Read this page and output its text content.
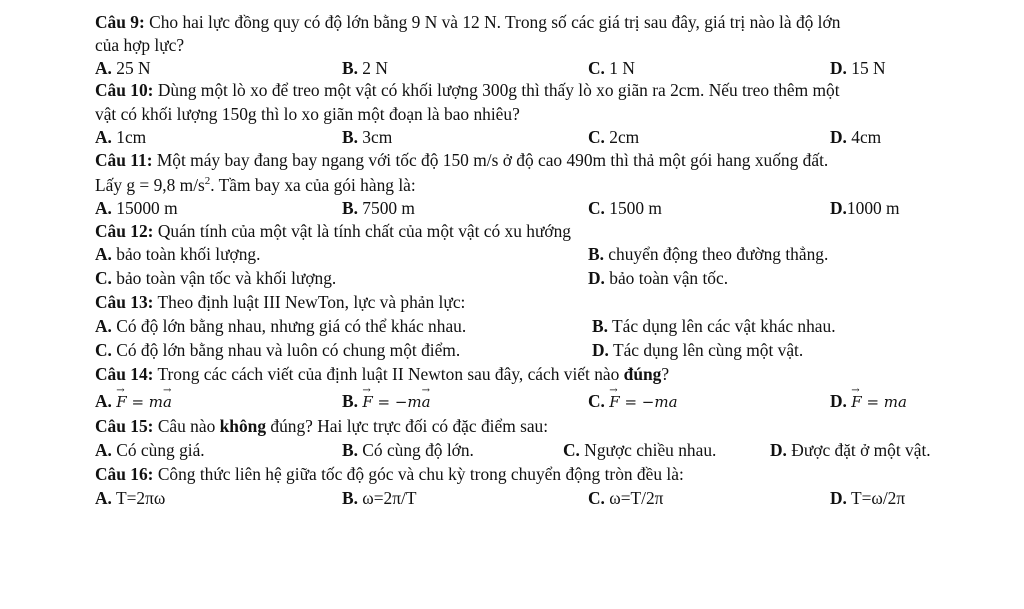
Câu 9: Cho hai lực đồng quy có độ lớn bằng 9 N và 12 N. Trong số các giá trị sau đây, giá trị nào là độ lớn
của hợp lực?
A. 25 N	B. 2 N	C. 1 N	D. 15 N
Câu 10: Dùng một lò xo để treo một vật có khối lượng 300g thì thấy lò xo giãn ra 2cm. Nếu treo thêm một
vật có khối lượng 150g thì lo xo giãn một đoạn là bao nhiêu?
A. 1cm	B. 3cm	C. 2cm	D. 4cm
Câu 11: Một máy bay đang bay ngang với tốc độ 150 m/s ở độ cao 490m thì thả một gói hang xuống đất.
Lấy g = 9,8 $m/s^2$. Tầm bay xa của gói hàng là:
A. 15000 m	B. 7500 m	C. 1500 m	D.1000 m
Câu 12: Quán tính của một vật là tính chất của một vật có xu hướng
A. bảo toàn khối lượng.	B. chuyển động theo đường thẳng.
C. bảo toàn vận tốc và khối lượng.	D. bảo toàn vận tốc.
Câu 13: Theo định luật III NewTon, lực và phản lực:
A. Có độ lớn bằng nhau, nhưng giá có thể khác nhau.	B. Tác dụng lên các vật khác nhau.
C. Có độ lớn bằng nhau và luôn có chung một điểm.	D. Tác dụng lên cùng một vật.
Câu 14: Trong các cách viết của định luật II Newton sau đây, cách viết nào đúng?
A. → F = m→ a	B. → F = −m→ a	C. → F = −ma	D. → F = ma
Câu 15: Câu nào không đúng? Hai lực trực đối có đặc điểm sau:
A. Có cùng giá.	B. Có cùng độ lớn.	C. Ngược chiều nhau.	D. Được đặt ở một vật.
Câu 16: Công thức liên hệ giữa tốc độ góc và chu kỳ trong chuyển động tròn đều là:
A. T=2πω	B. ω=2π/T	C. ω=T/2π	D. T=ω/2π
